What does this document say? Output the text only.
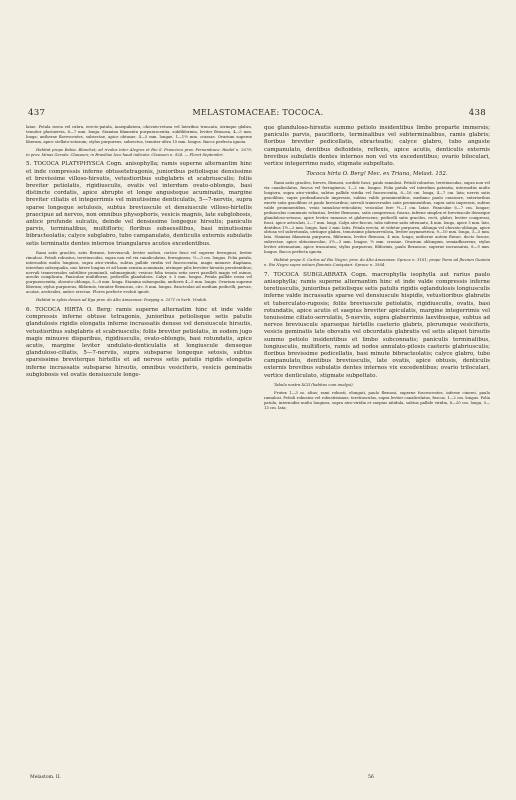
437	MELASTOMACEAE: TOCOCA.	438

latae. Petala rosea vel rubra, erecto-patula, inaequilatera, obovato-retusa vel lateribus truncata, utrinque glabra, tenuiter pluriuervia, 6—7 mm. longa. Stamina filamenta purpurascentia, subfiliformia, leviter flexuosa, 4—5 mm. longa; antherae flavescentes, subsectae, apice obtusae, 4—5 mm. longae, 1—1½ mm. crassae. Ovarium superne liberum, apice stellato-setosum; stylus purpureus, subrectus, tenuiter ultra 10 mm. longus. Bacca perfecta ignota.

Habitat prope Bahia: Blanchet; ad rivulos inter Alegres et Rio S. Francisco prov. Pernambuco: Riedel n. 2679; in prov. Minas Geraës: Claussen; in Brasiliae loco haud indicato: Claussen n. 924. — Floret Septembri.

5. TOCOCA PLATYPHYSCA Cogn. anisophylla; ramis superne alternantim hinc et inde compressis inferne obtusetetragonis, junioribus petiolisque densissime et brevissime villoso-hirsutis, vetustioribus subglabris et scabriusculis; foliis breviter petiolatis, rigidiusculis, ovatis vel interdum ovato-oblongis, basi distincte cordatis, apice abrupte et longe angusteque acuminatis, margine breviter ciliatis et integerrimis vel minutissime denticulatis, 5—7-nerviis, supra sparse longeque setulosis, subtus breviuscule et densiuscule villoso-hirtellis praecipue ad nervos, non omnibus physophoris, vesicis magnis, late subglobosis, antice profunde sulcatis, deinde vel densissime longeque hirsutis; paniculis parvis, terminalibus, multifloris; floribus subsessilibus, basi minutissime bibracteolatis; calyce subglabro, tubo campanulato, denticulis externis subulatis setis terminatis dentes internos triangulares acutos excedentibus.

Rami satis graciles, satis flexuosi, breviusculi, leviter nodosi, cortice fusci vel superne ferruginei, leviter rimulosi. Petioli robustus, teretiusculus, supra non vel vix canaliculatus, ferrugineus, ½—3 cm. longus. Folia patula, internodiis multo longiora, supra atro-viridia, subtus pallide viridia vel fuscescentia, magis minusve diaphana, interdum subsequalia, uno latere longius et ad basin sensim acuminata, utrinque pilis breviter hirsutis persitentibus; nervuli transversales subtiliter prominuli, submarginati; vesicae folia tenuia setis nervi paralleli magis vel minus, areolis complicata. Paniculae multiflorae, pedicellis glandulosis. Calyx ± 3 mm. longus. Petala pallide rosea vel purpurascentia, obovato-oblonga, 5—6 mm. longa. Stamina subaequalia, antheris 4—5 mm. longis. Ovarium superne liberum; stylus purpureus, filiformis, tenuiter flexuosus, circ. 8 mm. longus. Bracteolae ad medium pedicelli, parvae, acutae, aestivales, antice erectae. Flores perfecte evoluti ignoti.

Habitat in sylvis densis ad Ega prov. do Alto Amazonas: Poeppig n. 2571 in herb. Vindob.

6. TOCOCA HIRTA O. Berg: ramis superne alternatim hinc et inde valde compressis inferne obtuse tetragonis, junioribus petiolisque setis patulis glandulosis rigidis elongatis inferne incrassatis densse vel densiuscule hirsutis, vetustioribus subglabris et scabriusculis; foliis breviter petiolatis, in eodem jugo magis minusve disparibus, rigidiusculis, ovato-oblongis, basi rotundatis, apice acutis, margine leviter undulato-denticulatis et longiuscule denseque glanduloso-ciliatis, 5—7-nerviis, supra subsparse longeque setosis, subtus sparsissime breviterque hirtellis et ad nervos setis patulis rigidis elongatis inferne incrassatis subsparse hirsutis, omnibus vesiciferis, vesicis geminatis subglobosis vel ovatis densiuscule longe-

Melastom. II.

que glanduloso-hirsutis summo petiolo insidentibus limbo proparte immersis; paniculis parvis, paucifloris, terminalibus vel subterminalibus, ramis glabris; floribus breviter pedicellatis, ebracteatis; calyce glabro, tubo anguste campanulato, dentibus deltoideis, reflexis, apice acutis, denticulis externis brevibus subulatis dentes internos non vel vix excedentibus; ovario biloculari, vertice integerrimo nudo, stigmate subpeltato.

Tococa hirta O. Berg! Mec. ex Triana, Melast. 152.

Rami satis graciles, breves, flexuosi, sordide fusci, paulo ramulosi. Petioli robustus, teretiusculus, supra non vel vix canaliculatus, fuscus vel ferrugineus, 1—2 cm. longus. Folia patula vel interdum patentia, internodiis multo longiora, supra atro-viridia, subtus pallide viridia vel fuscescentia, 8—16 cm. longa, 4—7 cm. lata; nervis satis gracilibus, supra profundiuscule impressis, subtus valde prominentibus, mediano paulo crassiore, exterioribus exerte satis gracilibus et paulo brevioribus; nervuli transversales satis prominentibus, supra satis impressis, subtus valde prominentibus, venis ramuloso-reticulatis; vesiculae fere ½—1 cm. latae. Paniculae 6—7 cm. longae; pedunculus communis robustus, leviter flexuosus, satis compressus, fuscus, inferne simplex et breviuscule denseque glanduloso-setosus, apice leviter ramosus et glabrescens; pedicelli satis graciles, recti, glabri, leviter compressi, fusci, apice articulati, 2—7 mm. longi. Calyx atro-fuscus, tubo inferne satis attenuato, 4 mm. longo, apice 3 mm. lato, dentibus 1½—2 mm. longis, basi 2 mm. latis. Petala erecta, ut videtur purpurea, oblonga vel obovato-oblonga, apice obtusa vel subretusula, utrinque glabra, tenuissime plurinervulosa, leviter asymmetrica, 9—10 mm. longa, 3—5 mm. lata. Stamina filamenta purpurea, filiformia, leviter flexuosa, 4 mm. longa; antherae autem flavae, docto fuscae, subrectae, apice obtusiusculae, 2½—3 mm. longae, ½ mm. crassae. Ovarium oblongum, semiadhaerens; stylus leviter attenuatum, apice truncatum; stylus purpureus, filiformis, paulo flexuosus, superne incrassatus, 8—9 mm. longus. Bacca perfecta ignota.

Habitat prope S. Carlos ad Rio Negro: prov. do Alto Amazonas: Spruce n. 3161; prope Tomo ad fluvium Guainia n. Rio Negro supra ostium fluminis Casiquiari: Spruce n. 3564.

7. TOCOCA SUBGLABRATA Cogn. macrophylla isophylla aut rarius paulo anisophylla; ramis superne alternantim hinc et inde valde compressis inferne teretiusculis, junioribus petiolisque setis patulis rigidis eglandulosis longiusculis inferne valde incrassatis sparse vel densiuscule hispidis, vetustioribus glabratis et tuberculato-rugosis; foliis breviusculе petiolatis, rigidiusculis, ovatis, basi rotundatis, apice acutis et saepius breviter apiculatis, margine integerrimis vel tenuissime ciliato-serrulatis, 5-nerviis, supra glaberrimis laevibusque, subtus ad nervos breviuscule sparseque hirtellis caeterio glabris, plerumque vesiciferis, vesicis geminatis late obovatis vel obcordatis glabratis vel setis aliquot hirsutis summo petiolo insidentibus et limbo subconnatis; paniculis terminalibus, longiusculis, multifloris, ramis ad nodos annulato-pilosis caeteris glabriusculis; floribus brevissime pedicellatis, basi minute bibracteolatis; calyce glabro, tubo campanulato, dentibus breviusculis, late ovatis, apice obtusis, denticulis externis brevibus subulatis dentes internos vix excedentibus; ovario triloculari, vertice denticulato, stigmate subpeltato.

Tabula nostra XCII (habitus cum analysi).

Frutex 1—3 m. altus; rami robusti, elongati, paulo flexuosi, superne fuscescentes, inferne cinerei, paulo ramulosi. Petioli robustus vel robustissimus, teretiusculus, supra leviter canaliculatus, fuscus, 1—2 cm. longus. Folia patula, internodiis multo longiora, supra atro-viridia et saepius nitidula, subtus pallide viridia, 8—20 cm. longa, 5—13 cm. lata;

56
